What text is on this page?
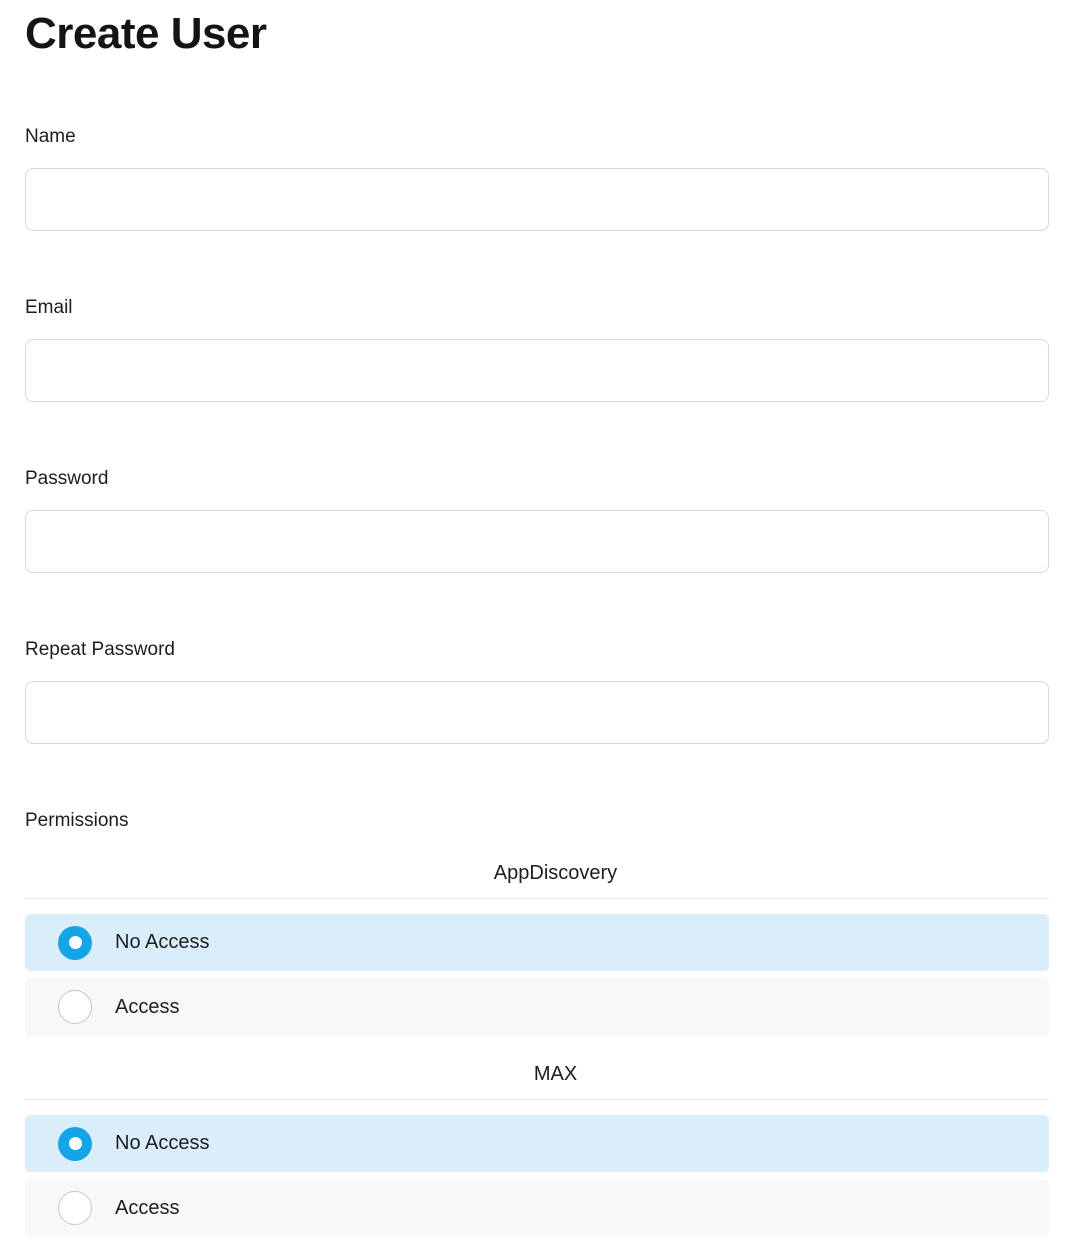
Create User
Name
Email
Password
Repeat Password
Permissions
AppDiscovery
No Access
Access
MAX
No Access
Access
